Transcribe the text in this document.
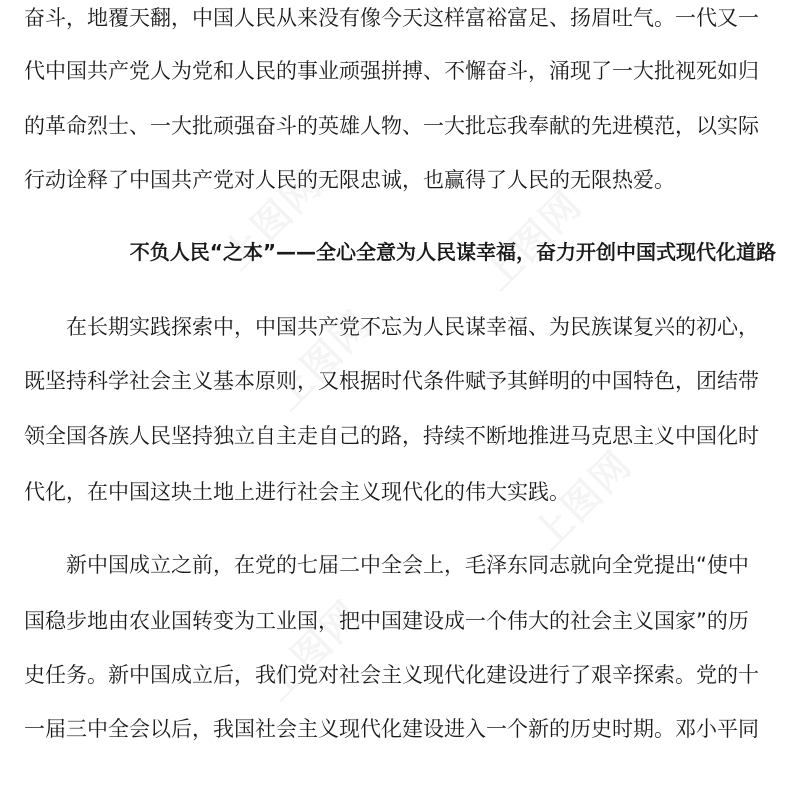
奋斗，地覆天翻，中国人民从来没有像今天这样富裕富足、扬眉吐气。一代又一
代中国共产党人为党和人民的事业顽强拼搏、不懈奋斗，涌现了一大批视死如归
的革命烈士、一大批顽强奋斗的英雄人物、一大批忘我奉献的先进模范，以实际
行动诠释了中国共产党对人民的无限忠诚，也赢得了人民的无限热爱。
不负人民“之本”——全心全意为人民谋幸福，奋力开创中国式现代化道路
　　在长期实践探索中，中国共产党不忘为人民谋幸福、为民族谋复兴的初心，
既坚持科学社会主义基本原则，又根据时代条件赋予其鲜明的中国特色，团结带
领全国各族人民坚持独立自主走自己的路，持续不断地推进马克思主义中国化时
代化，在中国这块土地上进行社会主义现代化的伟大实践。
　　新中国成立之前，在党的七届二中全会上，毛泽东同志就向全党提出“使中
国稳步地由农业国转变为工业国，把中国建设成一个伟大的社会主义国家”的历
史任务。新中国成立后，我们党对社会主义现代化建设进行了艰辛探索。党的十
一届三中全会以后，我国社会主义现代化建设进入一个新的历史时期。邓小平同
上图网	上图网
上图网
上图网
上图网
